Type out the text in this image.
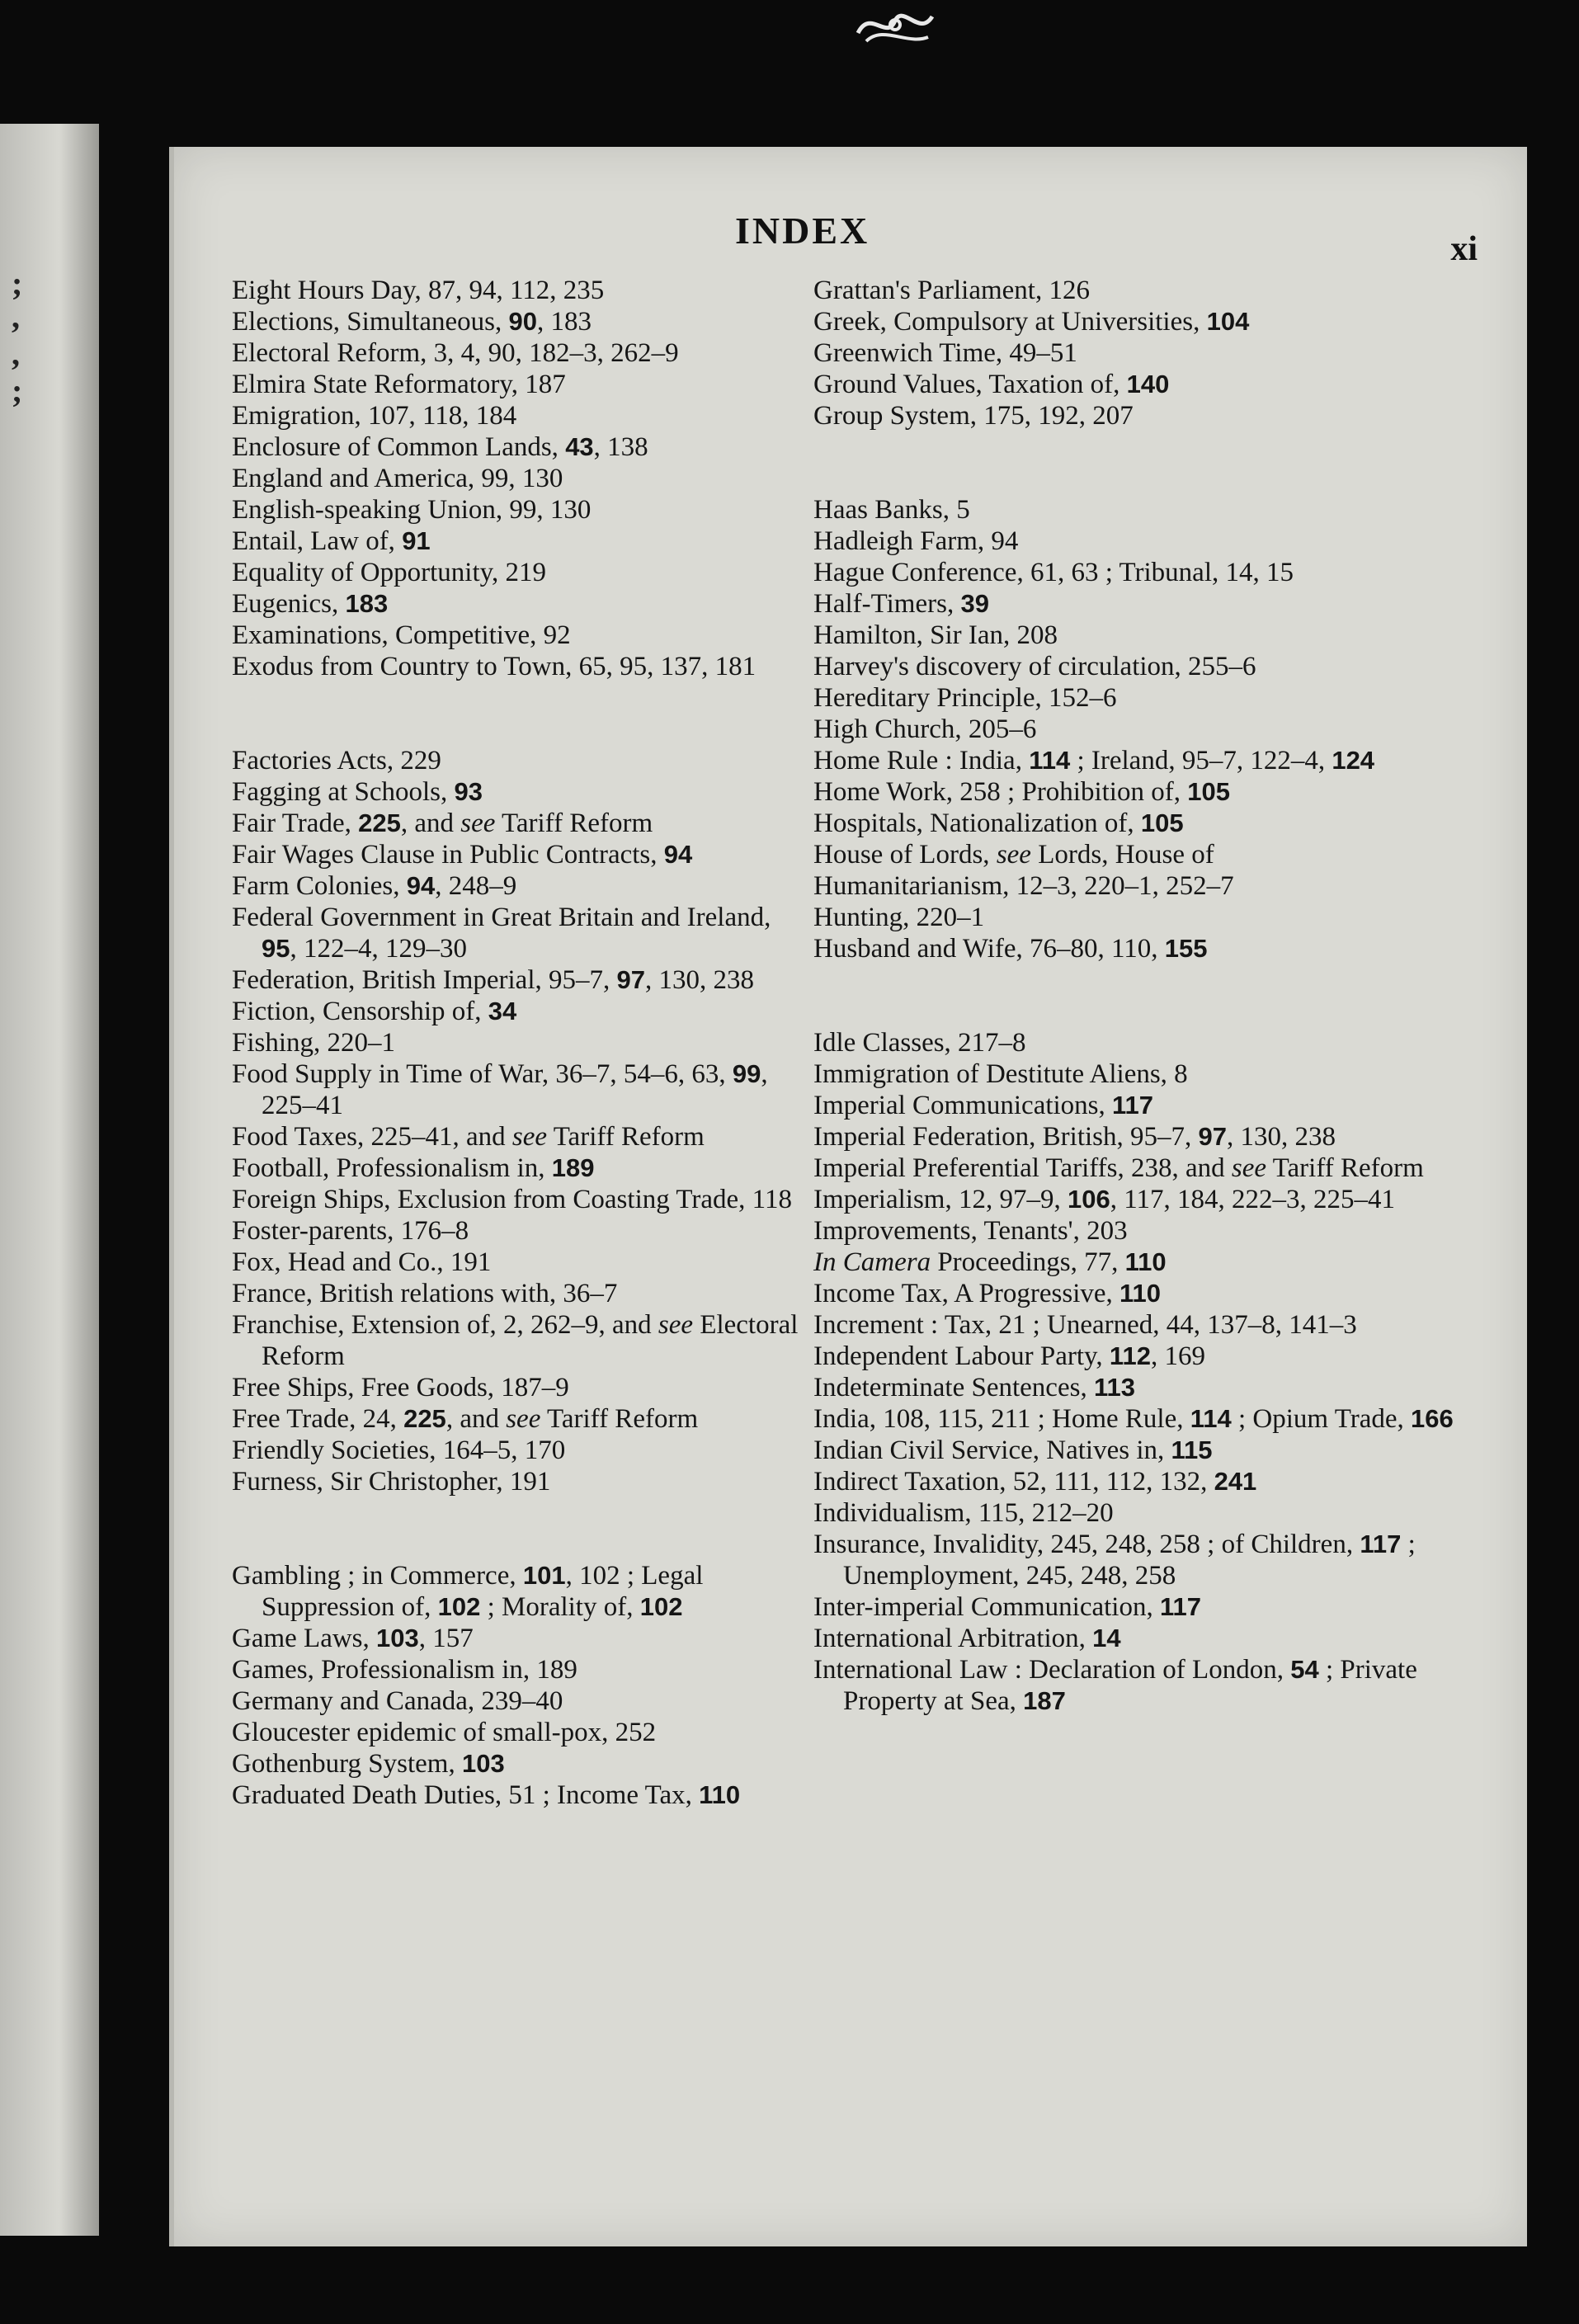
;
,
,
;
INDEX	xi

Eight Hours Day, 87, 94, 112, 235

Elections, Simultaneous, 90, 183

Electoral Reform, 3, 4, 90, 182–3, 262–9

Elmira State Reformatory, 187

Emigration, 107, 118, 184

Enclosure of Common Lands, 43, 138

England and America, 99, 130

English-speaking Union, 99, 130

Entail, Law of, 91

Equality of Opportunity, 219

Eugenics, 183

Examinations, Competitive, 92

Exodus from Country to Town, 65, 95, 137, 181

Factories Acts, 229

Fagging at Schools, 93

Fair Trade, 225, and see Tariff Reform

Fair Wages Clause in Public Contracts, 94

Farm Colonies, 94, 248–9

Federal Government in Great Britain and Ireland, 95, 122–4, 129–30

Federation, British Imperial, 95–7, 97, 130, 238

Fiction, Censorship of, 34

Fishing, 220–1

Food Supply in Time of War, 36–7, 54–6, 63, 99, 225–41

Food Taxes, 225–41, and see Tariff Reform

Football, Professionalism in, 189

Foreign Ships, Exclusion from Coasting Trade, 118

Foster-parents, 176–8

Fox, Head and Co., 191

France, British relations with, 36–7

Franchise, Extension of, 2, 262–9, and see Electoral Reform

Free Ships, Free Goods, 187–9

Free Trade, 24, 225, and see Tariff Reform

Friendly Societies, 164–5, 170

Furness, Sir Christopher, 191

Gambling ; in Commerce, 101, 102 ; Legal Suppression of, 102 ; Morality of, 102

Game Laws, 103, 157

Games, Professionalism in, 189

Germany and Canada, 239–40

Gloucester epidemic of small-pox, 252

Gothenburg System, 103

Graduated Death Duties, 51 ; Income Tax, 110

Grattan's Parliament, 126

Greek, Compulsory at Universities, 104

Greenwich Time, 49–51

Ground Values, Taxation of, 140

Group System, 175, 192, 207

Haas Banks, 5

Hadleigh Farm, 94

Hague Conference, 61, 63 ; Tribunal, 14, 15

Half-Timers, 39

Hamilton, Sir Ian, 208

Harvey's discovery of circulation, 255–6

Hereditary Principle, 152–6

High Church, 205–6

Home Rule : India, 114 ; Ireland, 95–7, 122–4, 124

Home Work, 258 ; Prohibition of, 105

Hospitals, Nationalization of, 105

House of Lords, see Lords, House of

Humanitarianism, 12–3, 220–1, 252–7

Hunting, 220–1

Husband and Wife, 76–80, 110, 155

Idle Classes, 217–8

Immigration of Destitute Aliens, 8

Imperial Communications, 117

Imperial Federation, British, 95–7, 97, 130, 238

Imperial Preferential Tariffs, 238, and see Tariff Reform

Imperialism, 12, 97–9, 106, 117, 184, 222–3, 225–41

Improvements, Tenants', 203

In Camera Proceedings, 77, 110

Income Tax, A Progressive, 110

Increment : Tax, 21 ; Unearned, 44, 137–8, 141–3

Independent Labour Party, 112, 169

Indeterminate Sentences, 113

India, 108, 115, 211 ; Home Rule, 114 ; Opium Trade, 166

Indian Civil Service, Natives in, 115

Indirect Taxation, 52, 111, 112, 132, 241

Individualism, 115, 212–20

Insurance, Invalidity, 245, 248, 258 ; of Children, 117 ; Unemployment, 245, 248, 258

Inter-imperial Communication, 117

International Arbitration, 14

International Law : Declaration of London, 54 ; Private Property at Sea, 187
